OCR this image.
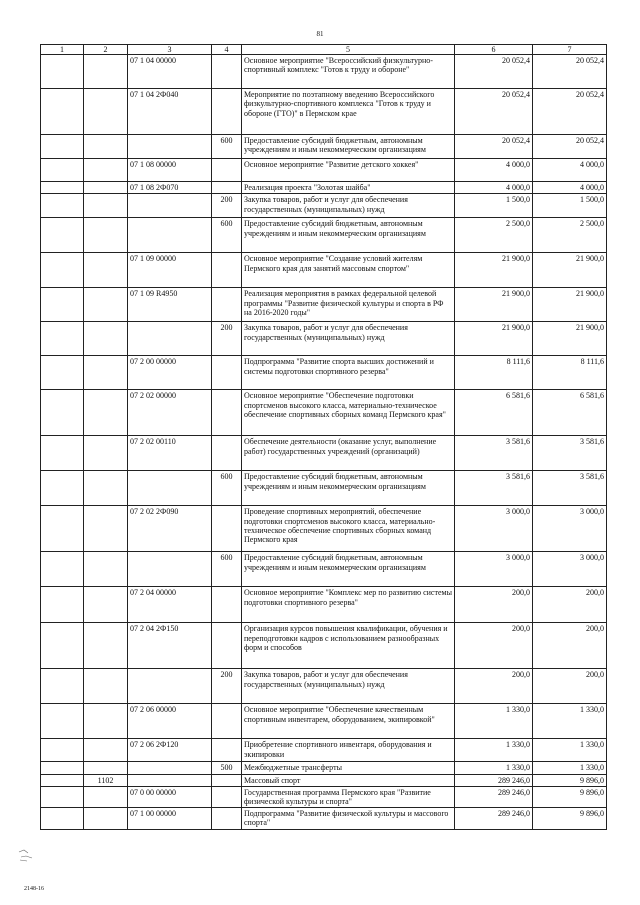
81
1	2	3	4	5	6	7
		07 1 04 00000		Основное мероприятие "Всероссийский физкультурно-спортивный комплекс "Готов к труду и обороне"	20 052,4	20 052,4
		07 1 04 2Ф040		Мероприятие по поэтапному введению Всероссийского физкультурно-спортивного комплекса "Готов к труду и обороне (ГТО)" в Пермском крае	20 052,4	20 052,4
			600	Предоставление субсидий бюджетным, автономным учреждениям и иным некоммерческим организациям	20 052,4	20 052,4
		07 1 08 00000		Основное мероприятие "Развитие детского хоккея"	4 000,0	4 000,0
		07 1 08 2Ф070		Реализация проекта "Золотая шайба"	4 000,0	4 000,0
			200	Закупка товаров, работ и услуг для обеспечения государственных (муниципальных) нужд	1 500,0	1 500,0
			600	Предоставление субсидий бюджетным, автономным учреждениям и иным некоммерческим организациям	2 500,0	2 500,0
		07 1 09 00000		Основное мероприятие "Создание условий жителям Пермского края для занятий массовым спортом"	21 900,0	21 900,0
		07 1 09 R4950		Реализация мероприятия в рамках федеральной целевой программы "Развитие физической культуры и спорта в РФ на 2016-2020 годы"	21 900,0	21 900,0
			200	Закупка товаров, работ и услуг для обеспечения государственных (муниципальных) нужд	21 900,0	21 900,0
		07 2 00 00000		Подпрограмма "Развитие спорта высших достижений и системы подготовки спортивного резерва"	8 111,6	8 111,6
		07 2 02 00000		Основное мероприятие "Обеспечение подготовки спортсменов высокого класса, материально-техническое обеспечение спортивных сборных команд Пермского края"	6 581,6	6 581,6
		07 2 02 00110		Обеспечение деятельности (оказание услуг, выполнение работ) государственных учреждений (организаций)	3 581,6	3 581,6
			600	Предоставление субсидий бюджетным, автономным учреждениям и иным некоммерческим организациям	3 581,6	3 581,6
		07 2 02 2Ф090		Проведение спортивных мероприятий, обеспечение подготовки спортсменов высокого класса, материально-техническое обеспечение спортивных сборных команд Пермского края	3 000,0	3 000,0
			600	Предоставление субсидий бюджетным, автономным учреждениям и иным некоммерческим организациям	3 000,0	3 000,0
		07 2 04 00000		Основное мероприятие "Комплекс мер по развитию системы подготовки спортивного резерва"	200,0	200,0
		07 2 04 2Ф150		Организация курсов повышения квалификации, обучения и переподготовки кадров с использованием разнообразных форм и способов	200,0	200,0
			200	Закупка товаров, работ и услуг для обеспечения государственных (муниципальных) нужд	200,0	200,0
		07 2 06 00000		Основное мероприятие "Обеспечение качественным спортивным инвентарем, оборудованием, экипировкой"	1 330,0	1 330,0
		07 2 06 2Ф120		Приобретение спортивного инвентаря, оборудования и экипировки	1 330,0	1 330,0
			500	Межбюджетные трансферты	1 330,0	1 330,0
	1102			Массовый спорт	289 246,0	9 896,0
		07 0 00 00000		Государственная программа Пермского края "Развитие физической культуры и спорта"	289 246,0	9 896,0
		07 1 00 00000		Подпрограмма "Развитие физической культуры и массового спорта"	289 246,0	9 896,0
2148-16
